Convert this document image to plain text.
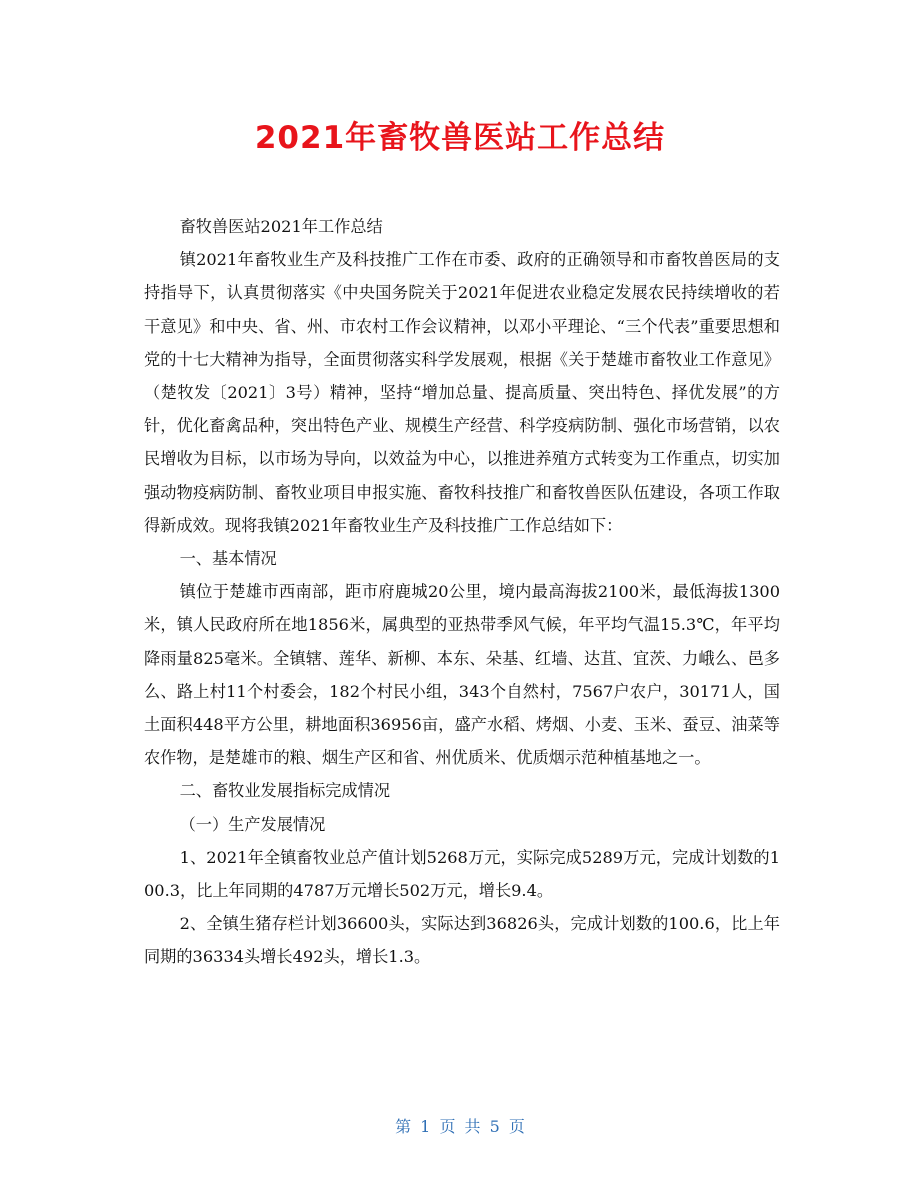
2021年畜牧兽医站工作总结

畜牧兽医站2021年工作总结

镇2021年畜牧业生产及科技推广工作在市委、政府的正确领导和市畜牧兽医局的支持指导下，认真贯彻落实《中央国务院关于2021年促进农业稳定发展农民持续增收的若干意见》和中央、省、州、市农村工作会议精神，以邓小平理论、“三个代表”重要思想和党的十七大精神为指导，全面贯彻落实科学发展观，根据《关于楚雄市畜牧业工作意见》（楚牧发〔2021〕3号）精神，坚持“增加总量、提高质量、突出特色、择优发展”的方针，优化畜禽品种，突出特色产业、规模生产经营、科学疫病防制、强化市场营销，以农民增收为目标，以市场为导向，以效益为中心，以推进养殖方式转变为工作重点，切实加强动物疫病防制、畜牧业项目申报实施、畜牧科技推广和畜牧兽医队伍建设，各项工作取得新成效。现将我镇2021年畜牧业生产及科技推广工作总结如下：

一、基本情况

镇位于楚雄市西南部，距市府鹿城20公里，境内最高海拔2100米，最低海拔1300米，镇人民政府所在地1856米，属典型的亚热带季风气候，年平均气温15.3℃，年平均降雨量825毫米。全镇辖、莲华、新柳、本东、朵基、红墙、达苴、宜茨、力峨么、邑多么、路上村11个村委会，182个村民小组，343个自然村，7567户农户，30171人，国土面积448平方公里，耕地面积36956亩，盛产水稻、烤烟、小麦、玉米、蚕豆、油菜等农作物，是楚雄市的粮、烟生产区和省、州优质米、优质烟示范种植基地之一。

二、畜牧业发展指标完成情况

（一）生产发展情况

1、2021年全镇畜牧业总产值计划5268万元，实际完成5289万元，完成计划数的100.3，比上年同期的4787万元增长502万元，增长9.4。

2、全镇生猪存栏计划36600头，实际达到36826头，完成计划数的100.6，比上年同期的36334头增长492头，增长1.3。

第 1 页 共 5 页
